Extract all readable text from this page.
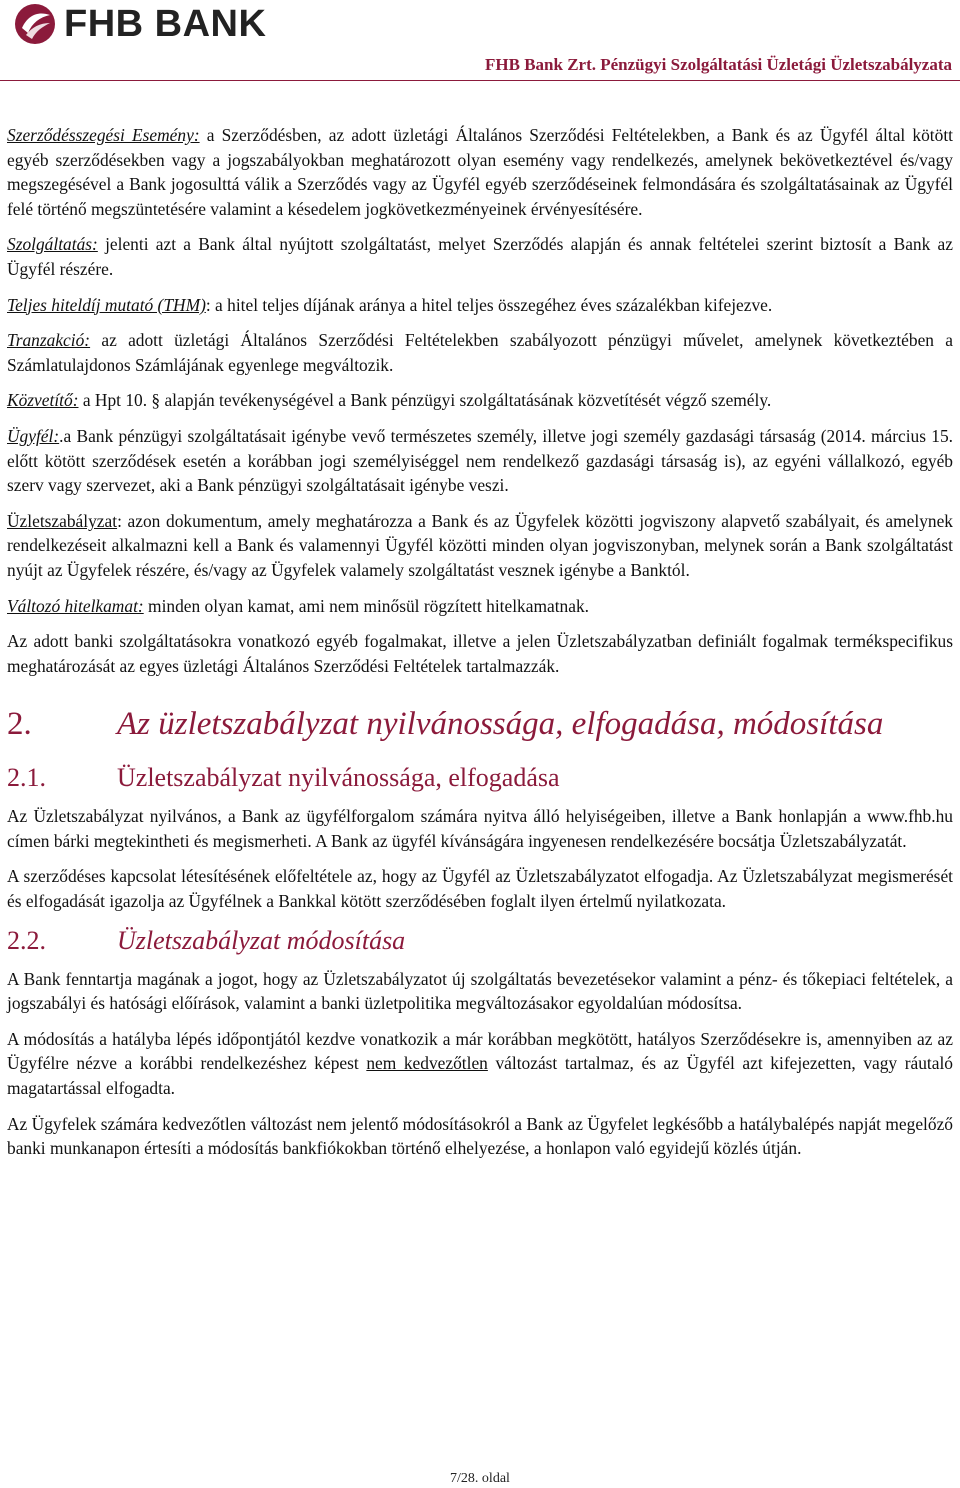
FHB BANK
FHB Bank Zrt. Pénzügyi Szolgáltatási Üzletági Üzletszabályzata

Szerződésszegési Esemény: a Szerződésben, az adott üzletági Általános Szerződési Feltételekben, a Bank és az Ügyfél által kötött egyéb szerződésekben vagy a jogszabályokban meghatározott olyan esemény vagy rendelkezés, amelynek bekövetkeztével és/vagy megszegésével a Bank jogosulttá válik a Szerződés vagy az Ügyfél egyéb szerződéseinek felmondására és szolgáltatásainak az Ügyfél felé történő megszüntetésére valamint a késedelem jogkövetkezményeinek érvényesítésére.

Szolgáltatás: jelenti azt a Bank által nyújtott szolgáltatást, melyet Szerződés alapján és annak feltételei szerint biztosít a Bank az Ügyfél részére.

Teljes hiteldíj mutató (THM): a hitel teljes díjának aránya a hitel teljes összegéhez éves százalékban kifejezve.

Tranzakció: az adott üzletági Általános Szerződési Feltételekben szabályozott pénzügyi művelet, amelynek következtében a Számlatulajdonos Számlájának egyenlege megváltozik.

Közvetítő: a Hpt 10. § alapján tevékenységével a Bank pénzügyi szolgáltatásának közvetítését végző személy.

Ügyfél:.a Bank pénzügyi szolgáltatásait igénybe vevő természetes személy, illetve jogi személy gazdasági társaság (2014. március 15. előtt kötött szerződések esetén a korábban jogi személyiséggel nem rendelkező gazdasági társaság is), az egyéni vállalkozó, egyéb szerv vagy szervezet, aki a Bank pénzügyi szolgáltatásait igénybe veszi.

Üzletszabályzat: azon dokumentum, amely meghatározza a Bank és az Ügyfelek közötti jogviszony alapvető szabályait, és amelynek rendelkezéseit alkalmazni kell a Bank és valamennyi Ügyfél közötti minden olyan jogviszonyban, melynek során a Bank szolgáltatást nyújt az Ügyfelek részére, és/vagy az Ügyfelek valamely szolgáltatást vesznek igénybe a Banktól.

Változó hitelkamat: minden olyan kamat, ami nem minősül rögzített hitelkamatnak.

Az adott banki szolgáltatásokra vonatkozó egyéb fogalmakat, illetve a jelen Üzletszabályzatban definiált fogalmak termékspecifikus meghatározását az egyes üzletági Általános Szerződési Feltételek tartalmazzák.

2.	Az üzletszabályzat nyilvánossága, elfogadása, módosítása
2.1.	Üzletszabályzat nyilvánossága, elfogadása

Az Üzletszabályzat nyilvános, a Bank az ügyfélforgalom számára nyitva álló helyiségeiben, illetve a Bank honlapján a www.fhb.hu címen bárki megtekintheti és megismerheti. A Bank az ügyfél kívánságára ingyenesen rendelkezésére bocsátja Üzletszabályzatát.

A szerződéses kapcsolat létesítésének előfeltétele az, hogy az Ügyfél az Üzletszabályzatot elfogadja. Az Üzletszabályzat megismerését és elfogadását igazolja az Ügyfélnek a Bankkal kötött szerződésében foglalt ilyen értelmű nyilatkozata.

2.2.	Üzletszabályzat módosítása

A Bank fenntartja magának a jogot, hogy az Üzletszabályzatot új szolgáltatás bevezetésekor valamint a pénz- és tőkepiaci feltételek, a jogszabályi és hatósági előírások, valamint a banki üzletpolitika megváltozásakor egyoldalúan módosítsa.

A módosítás a hatályba lépés időpontjától kezdve vonatkozik a már korábban megkötött, hatályos Szerződésekre is, amennyiben az az Ügyfélre nézve a korábbi rendelkezéshez képest nem kedvezőtlen változást tartalmaz, és az Ügyfél azt kifejezetten, vagy ráutaló magatartással elfogadta.

Az Ügyfelek számára kedvezőtlen változást nem jelentő módosításokról a Bank az Ügyfelet legkésőbb a hatálybalépés napját megelőző banki munkanapon értesíti a módosítás bankfiókokban történő elhelyezése, a honlapon való egyidejű közlés útján.

7/28. oldal
